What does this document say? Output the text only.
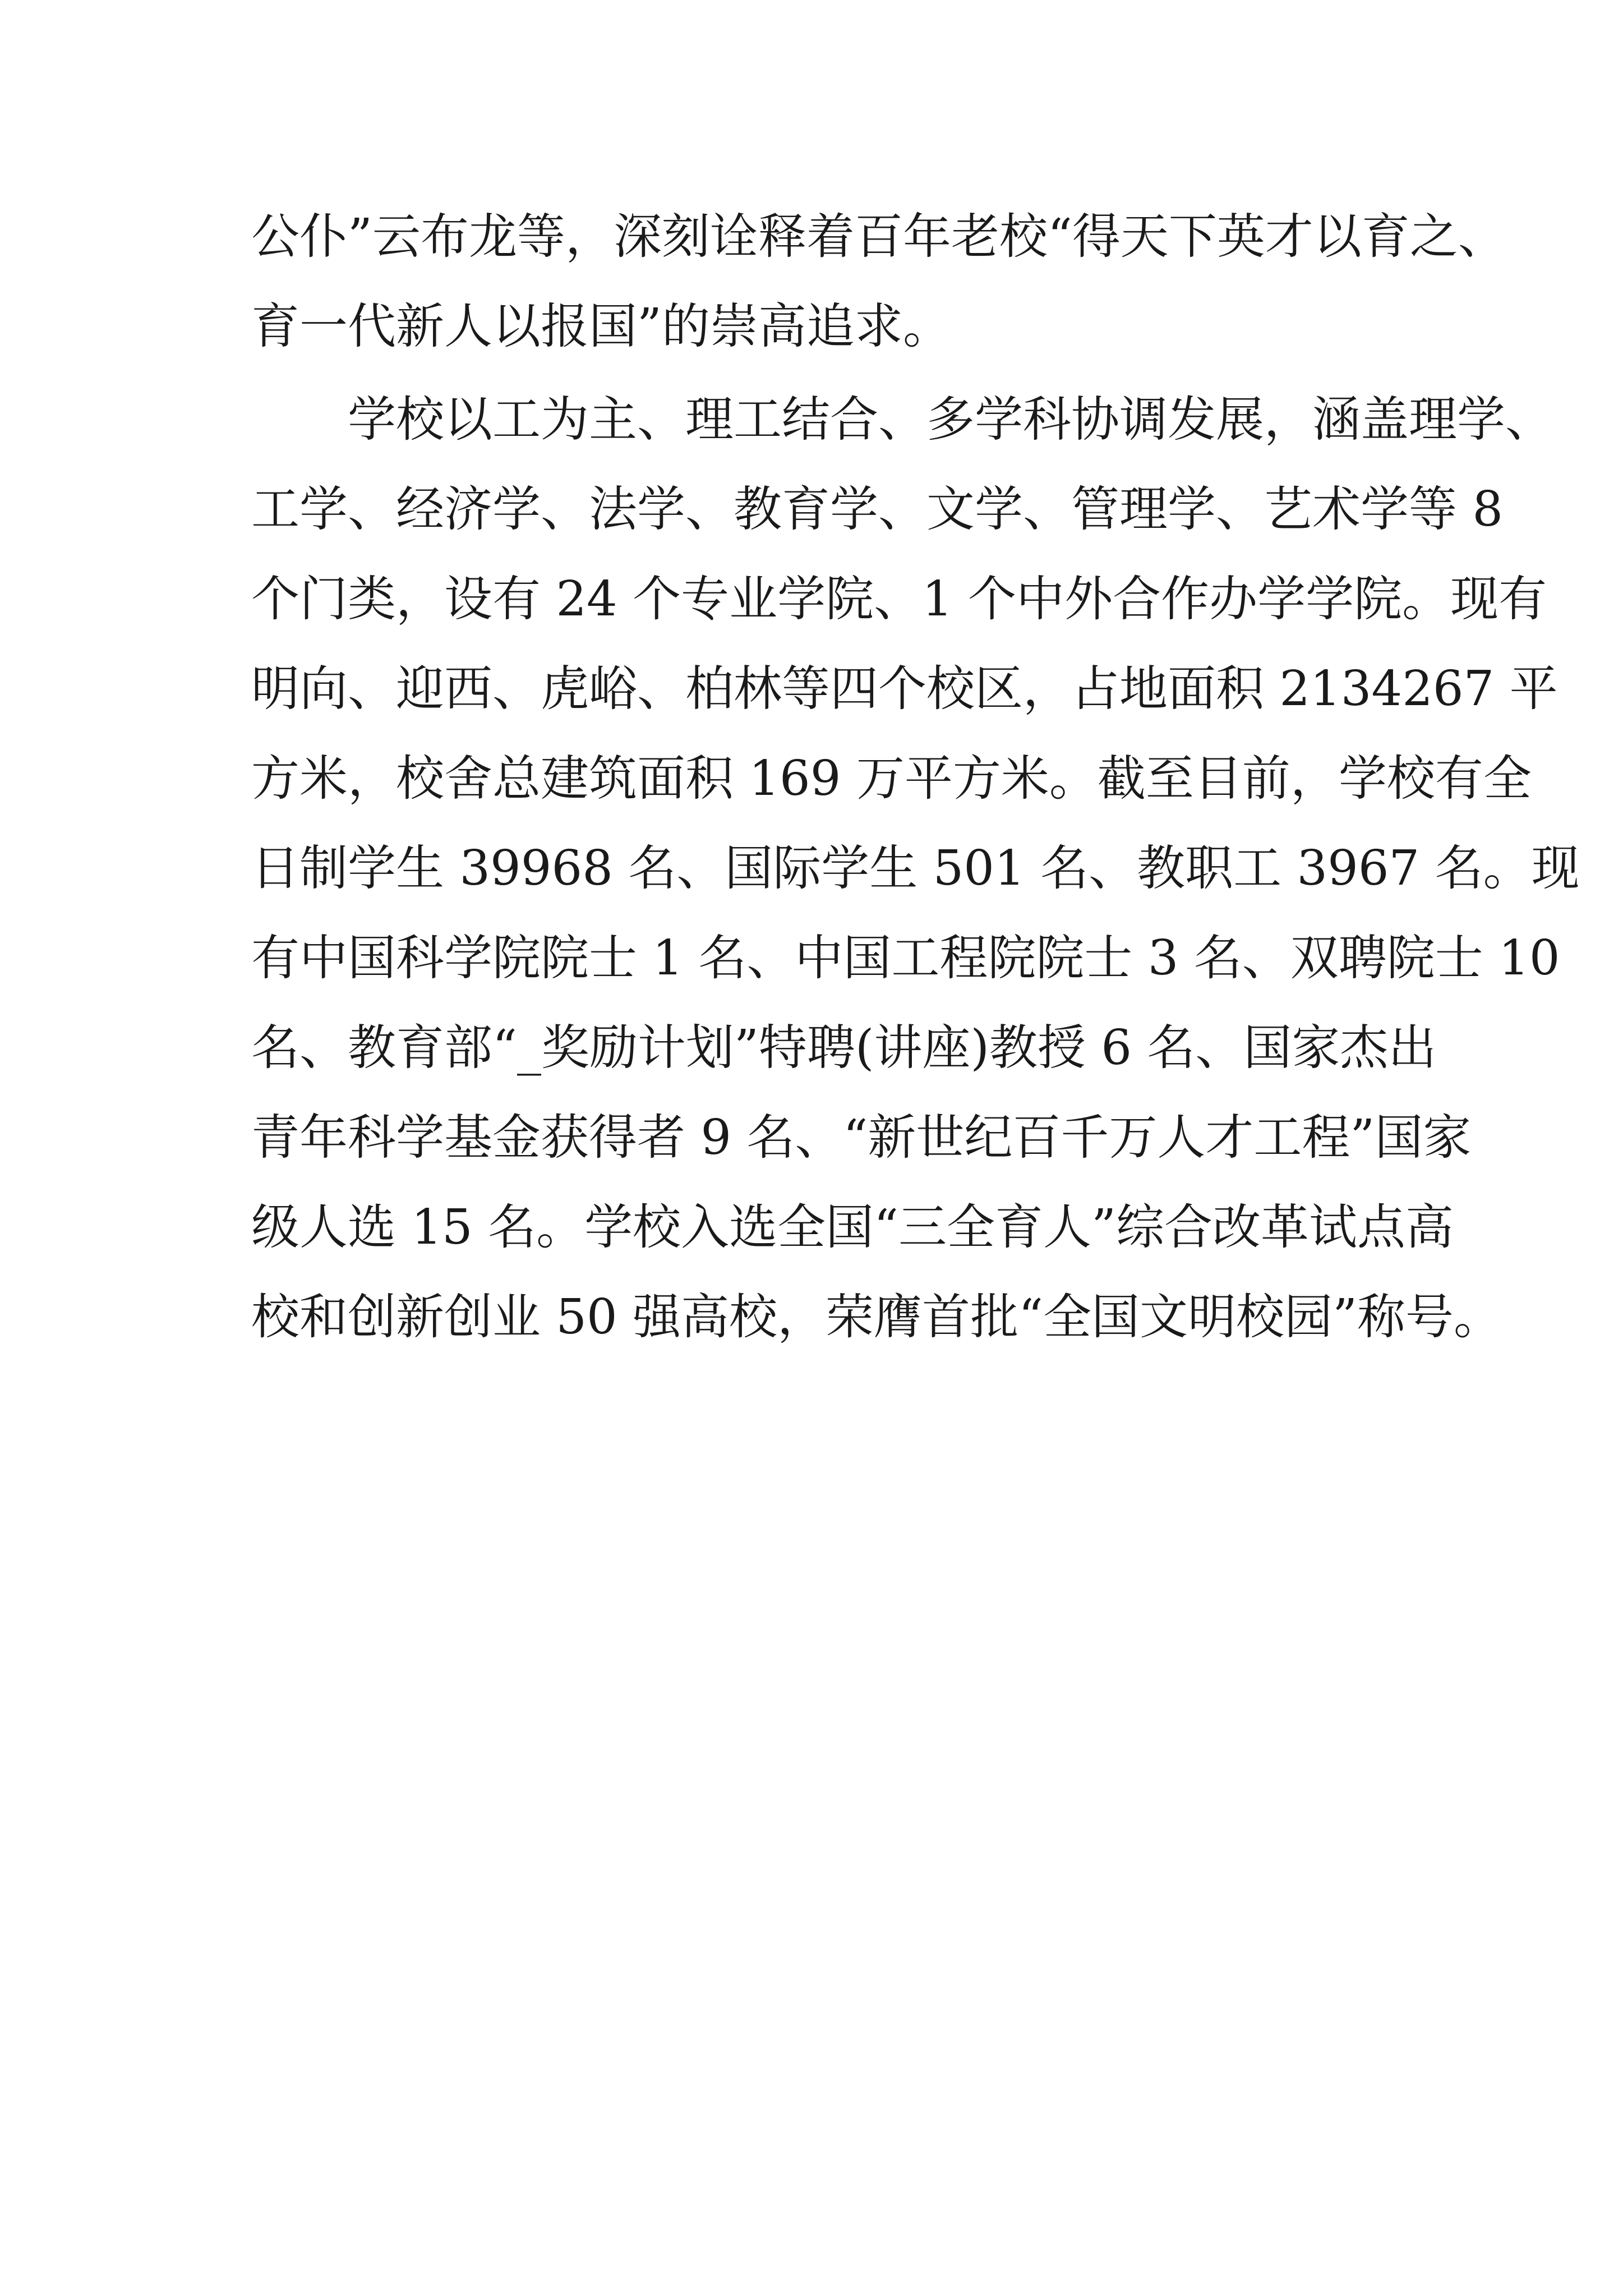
公仆”云布龙等，深刻诠释着百年老校“得天下英才以育之、

育一代新人以报国”的崇高追求。

学校以工为主、理工结合、多学科协调发展，涵盖理学、

工学、经济学、法学、教育学、文学、管理学、艺术学等 8

个门类，设有 24 个专业学院、1 个中外合作办学学院。现有

明向、迎西、虎峪、柏林等四个校区，占地面积 2134267 平

方米，校舍总建筑面积 169 万平方米。截至目前，学校有全

日制学生 39968 名、国际学生 501 名、教职工 3967 名。现

有中国科学院院士 1 名、中国工程院院士 3 名、双聘院士 10

名、教育部“_奖励计划”特聘(讲座)教授 6 名、国家杰出

青年科学基金获得者 9 名、“新世纪百千万人才工程”国家

级人选 15 名。学校入选全国“三全育人”综合改革试点高

校和创新创业 50 强高校，荣膺首批“全国文明校园”称号。
